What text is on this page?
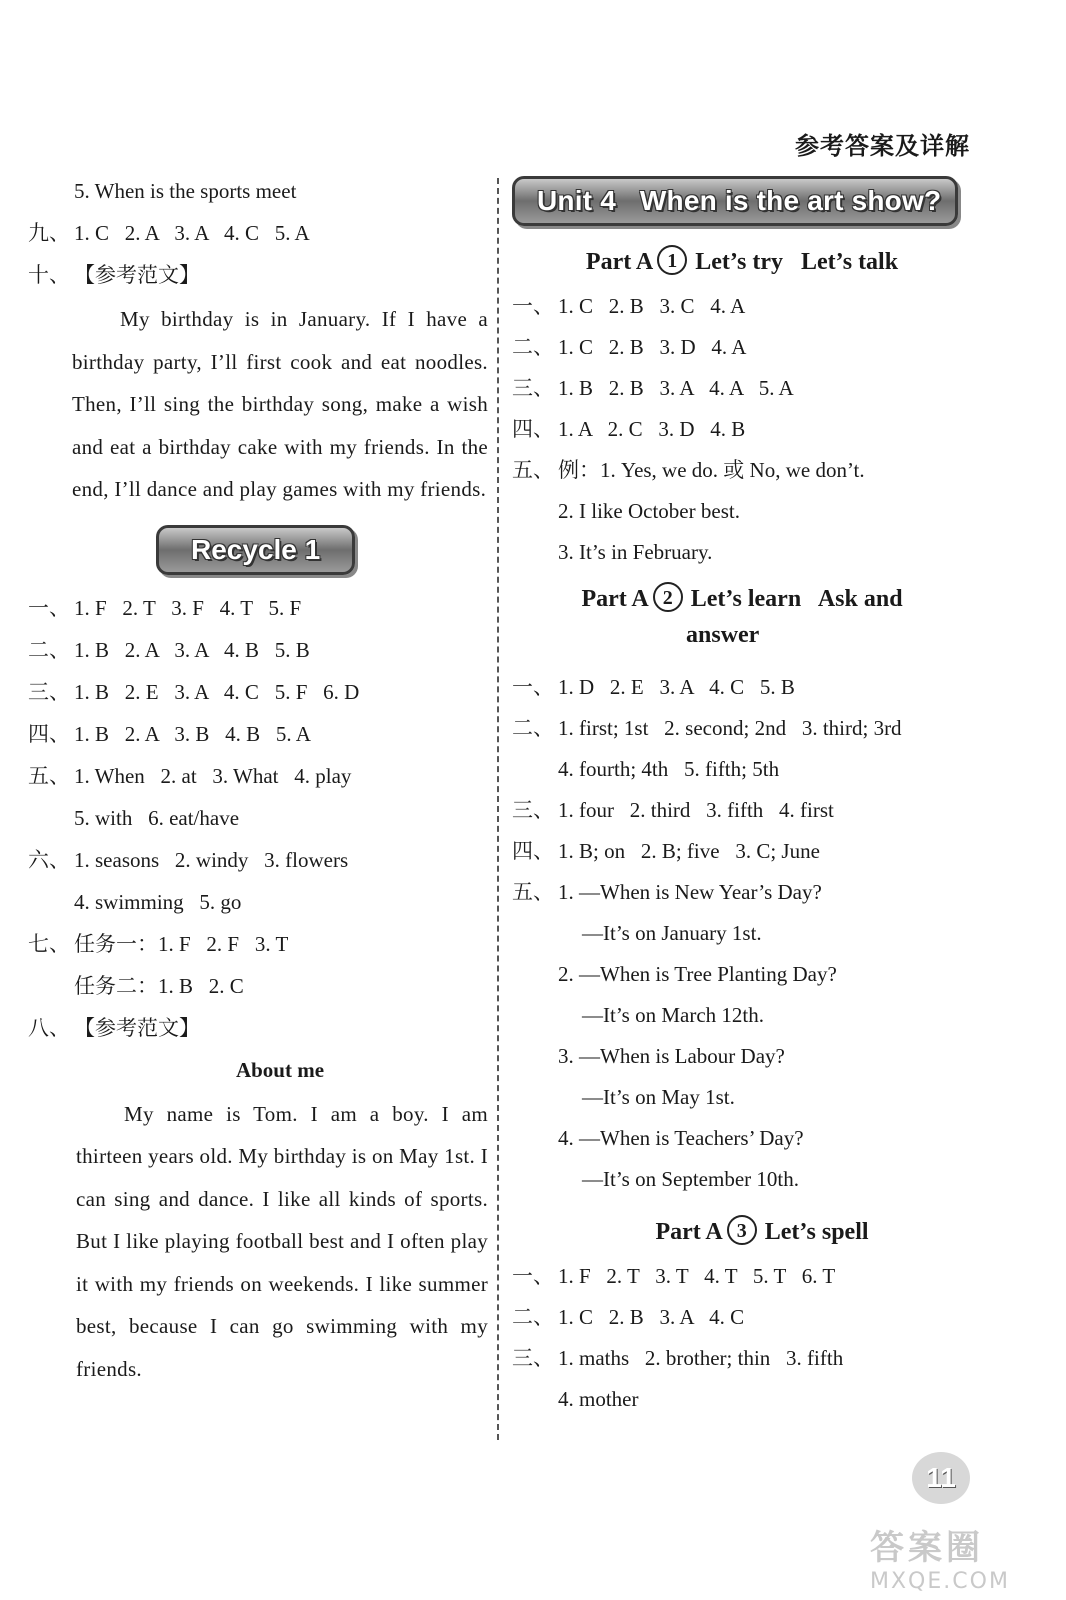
参考答案及详解
5. When is the sports meet
九、 1. C   2. A   3. A   4. C   5. A
十、 【参考范文】
My birthday is in January. If I have a birthday party, I’ll first cook and eat noodles. Then, I’ll sing the birthday song, make a wish and eat a birthday cake with my friends. In the end, I’ll dance and play games with my friends.
Recycle 1
一、 1. F   2. T   3. F   4. T   5. F
二、 1. B   2. A   3. A   4. B   5. B
三、 1. B   2. E   3. A   4. C   5. F   6. D
四、 1. B   2. A   3. B   4. B   5. A
五、 1. When   2. at   3. What   4. play
5. with   6. eat/have
六、 1. seasons   2. windy   3. flowers
4. swimming   5. go
七、 任务一：1. F   2. F   3. T
任务二：1. B   2. C
八、 【参考范文】
About me
My name is Tom. I am a boy. I am thirteen years old. My birthday is on May 1st. I can sing and dance. I like all kinds of sports. But I like playing football best and I often play it with my friends on weekends. I like summer best, because I can go swimming with my friends.
Unit 4   When is the art show?
Part A 1 Let’s try   Let’s talk
一、 1. C   2. B   3. C   4. A
二、 1. C   2. B   3. D   4. A
三、 1. B   2. B   3. A   4. A   5. A
四、 1. A   2. C   3. D   4. B
五、 例：1. Yes, we do. 或 No, we don’t.
2. I like October best.
3. It’s in February.
Part A 2 Let’s learn   Ask and
answer
一、 1. D   2. E   3. A   4. C   5. B
二、 1. first; 1st   2. second; 2nd   3. third; 3rd
4. fourth; 4th   5. fifth; 5th
三、 1. four   2. third   3. fifth   4. first
四、 1. B; on   2. B; five   3. C; June
五、 1. —When is New Year’s Day?
—It’s on January 1st.
2. —When is Tree Planting Day?
—It’s on March 12th.
3. —When is Labour Day?
—It’s on May 1st.
4. —When is Teachers’ Day?
—It’s on September 10th.
Part A 3 Let’s spell
一、 1. F   2. T   3. T   4. T   5. T   6. T
二、 1. C   2. B   3. A   4. C
三、 1. maths   2. brother; thin   3. fifth
4. mother
11
答案圈
MXQE.COM
